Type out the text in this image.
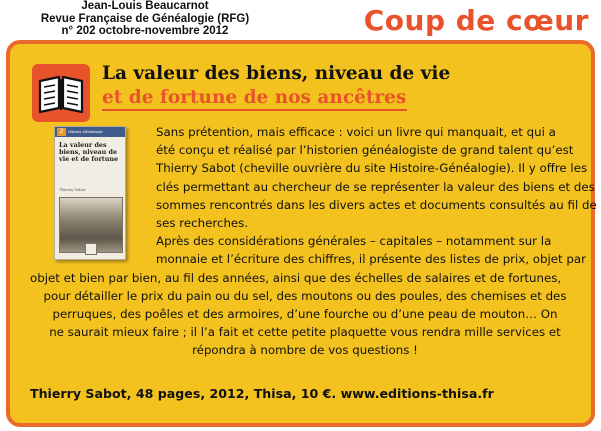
Jean-Louis Beaucarnot
Revue Française de Généalogie (RFG)
n° 202 octobre-novembre 2012	Coup de cœur
La valeur des biens, niveau de vie
et de fortune de nos ancêtres
2	Histoire-Généalogie
La valeur des biens, niveau de vie et de fortune
Thierry Sabot
Sans prétention, mais efficace : voici un livre qui manquait, et qui a
été conçu et réalisé par l’historien généalogiste de grand talent qu’est
Thierry Sabot (cheville ouvrière du site Histoire-Généalogie). Il y offre les
clés permettant au chercheur de se représenter la valeur des biens et des
sommes rencontrés dans les divers actes et documents consultés au fil de
ses recherches.
Après des considérations générales – capitales – notamment sur la
monnaie et l’écriture des chiffres, il présente des listes de prix, objet par
objet et bien par bien, au fil des années, ainsi que des échelles de salaires et de fortunes,
pour détailler le prix du pain ou du sel, des moutons ou des poules, des chemises et des
perruques, des poêles et des armoires, d’une fourche ou d’une peau de mouton… On
ne saurait mieux faire ; il l’a fait et cette petite plaquette vous rendra mille services et
répondra à nombre de vos questions !
Thierry Sabot, 48 pages, 2012, Thisa, 10 €. www.editions-thisa.fr
